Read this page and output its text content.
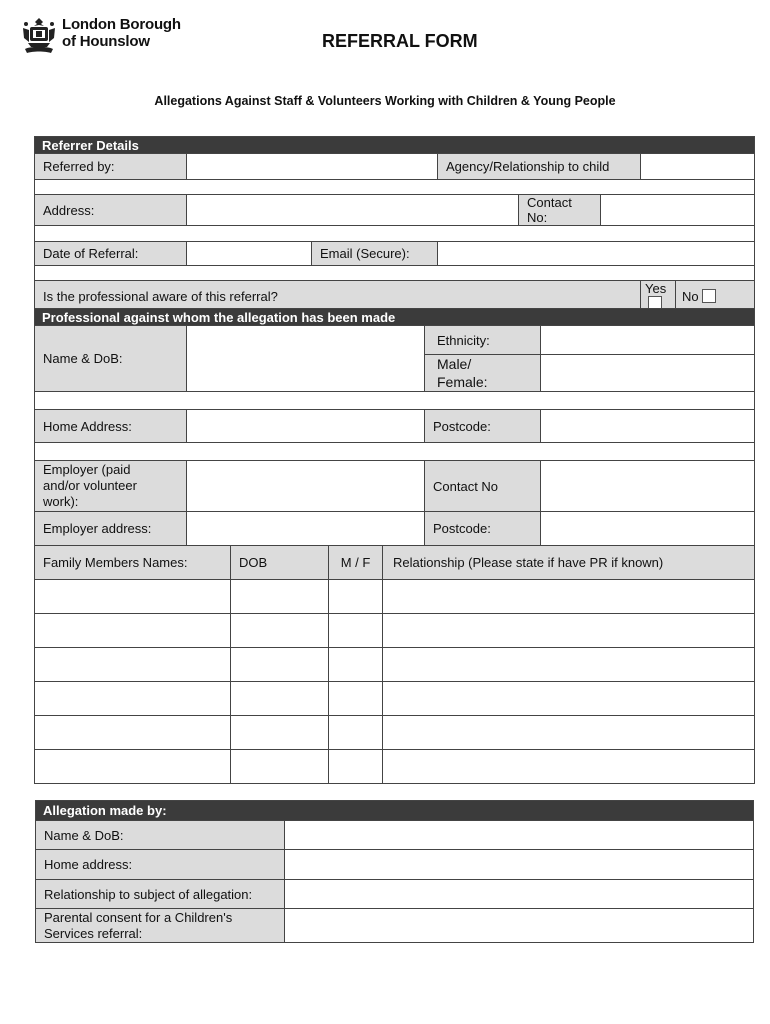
London Borough
of Hounslow	REFERRAL FORM
Allegations Against Staff & Volunteers Working with Children & Young People
Referrer Details							
Referred by:			Agency/Relationship to child				

Address:				Contact No:			

Date of Referral:		Email (Secure):					

Is the professional aware of this referral?						Yes	No
Professional against whom the allegation has been made						
Name & DoB:					Ethnicity:	

					Male/
Female:	

Home Address:					Postcode:	

Employer (paid
and/or volunteer
work):					Contact No	
Employer address:					Postcode:	
Family Members Names:		DOB	M / F	Relationship (Please state if have PR if known)		

Allegation made by:	
Name & DoB:	
Home address:	
Relationship to subject of allegation:	

Parental consent for a Children's
Services referral:	
